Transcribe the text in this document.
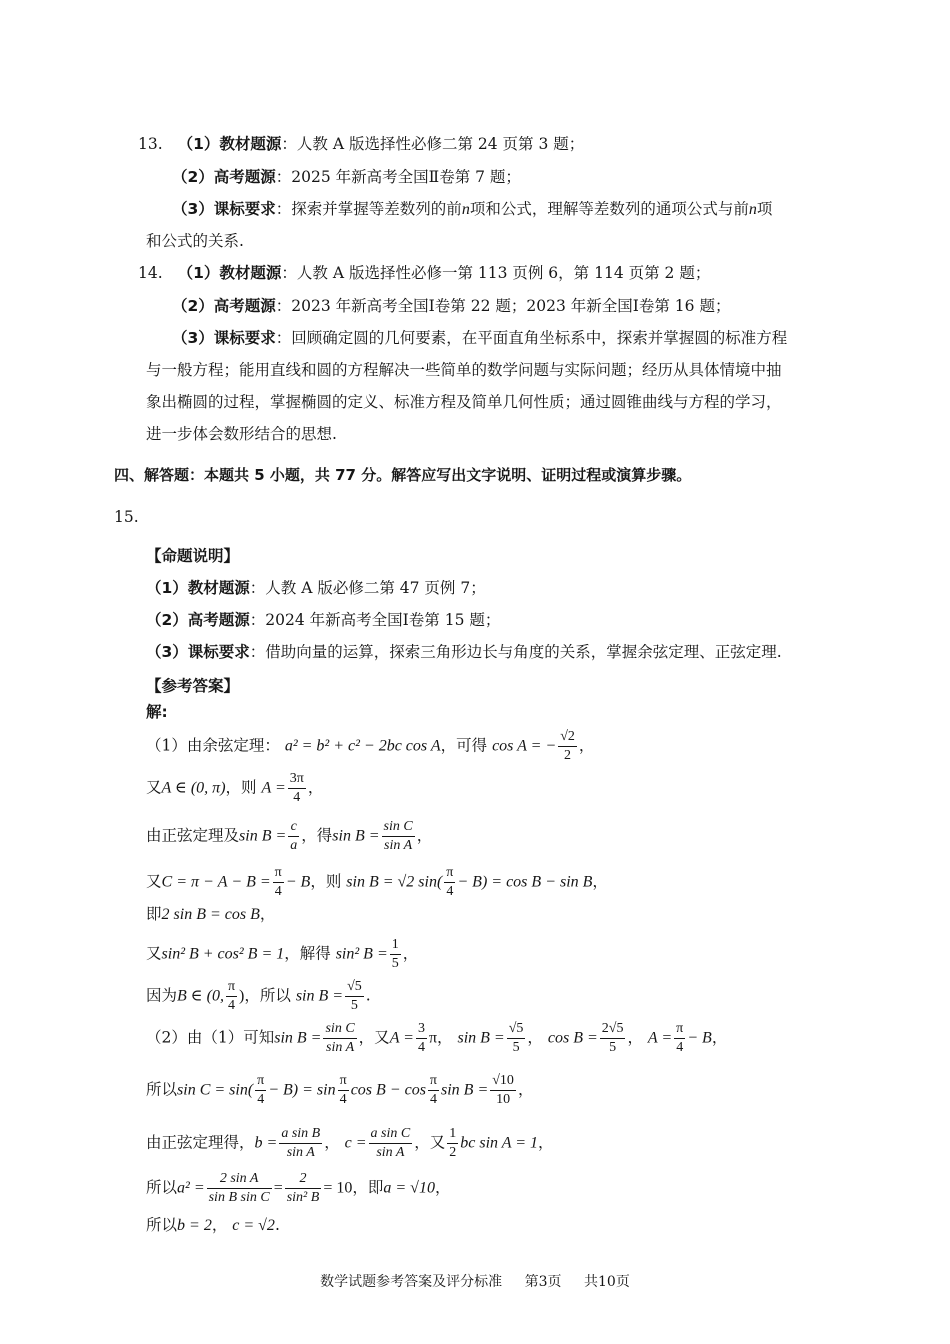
13. （1）教材题源：人教 A 版选择性必修二第 24 页第 3 题；
（2）高考题源：2025 年新高考全国Ⅱ卷第 7 题；
（3）课标要求：探索并掌握等差数列的前n项和公式，理解等差数列的通项公式与前n项
和公式的关系.
14. （1）教材题源：人教 A 版选择性必修一第 113 页例 6，第 114 页第 2 题；
（2）高考题源：2023 年新高考全国Ⅰ卷第 22 题；2023 年新全国Ⅰ卷第 16 题；
（3）课标要求：回顾确定圆的几何要素，在平面直角坐标系中，探索并掌握圆的标准方程
与一般方程；能用直线和圆的方程解决一些简单的数学问题与实际问题；经历从具体情境中抽
象出椭圆的过程，掌握椭圆的定义、标准方程及简单几何性质；通过圆锥曲线与方程的学习，
进一步体会数形结合的思想.
四、解答题：本题共 5 小题，共 77 分。解答应写出文字说明、证明过程或演算步骤。
15.
【命题说明】
（1）教材题源：人教 A 版必修二第 47 页例 7；
（2）高考题源：2024 年新高考全国Ⅰ卷第 15 题；
（3）课标要求：借助向量的运算，探索三角形边长与角度的关系，掌握余弦定理、正弦定理.
【参考答案】
解:
（1）由余弦定理： a² = b² + c² − 2bc cos A，可得 cos A = − $\frac{√2}{2}$ ，
又A ∈ (0, π)，则 $A = \frac{3\pi}{4}$ ，
由正弦定理及$\sin B = \frac{c}{a}$ ，得$\sin B = \frac{\text{sin C}}{\text{sin A}}$ ，
又$C = \pi - A - B = \frac{\pi}{4} - B$，则 sin B = √2 $\sin( \frac{\pi}{4} - B) = \cos B - \sin B$，
即2 sin B = cos B，
又sin² B + cos² B = 1，解得 sin² $B = \frac{1}{5}$ ，
因为B ∈ (0, $\frac{\pi}{4}$ )，所以 $\sin B = \frac{√5}{5}$ .
（2）由（1）可知$\sin B = \frac{\text{sin C}}{\text{sin A}}$ ，又$A = \frac{3}{4}$ π， $\sin B = \frac{√5}{5}$ ， $\cos B = \frac{2√5}{5}$ ， $A = \frac{\pi}{4} - B$，
所以$\sin C = \sin( \frac{\pi}{4} - B) = \sin \frac{\pi}{4}$ $\cos B - \cos \frac{\pi}{4}$ $\sin B = \frac{√10}{10}$ ，
由正弦定理得，$b = \frac{\text{a sin B}}{\text{sin A}}$ ， $c = \frac{\text{a sin C}}{\text{sin A}}$ ，又 $\frac{1}{2}$ bc sin A = 1，
所以$a^2 = \frac{\text{2 sin A}}{\text{sin B sin C}} = \frac{2}{\text{sin² B}} = 10$，即a = √10，
所以b = 2， c = √2.
数学试题参考答案及评分标准 第3页 共10页
